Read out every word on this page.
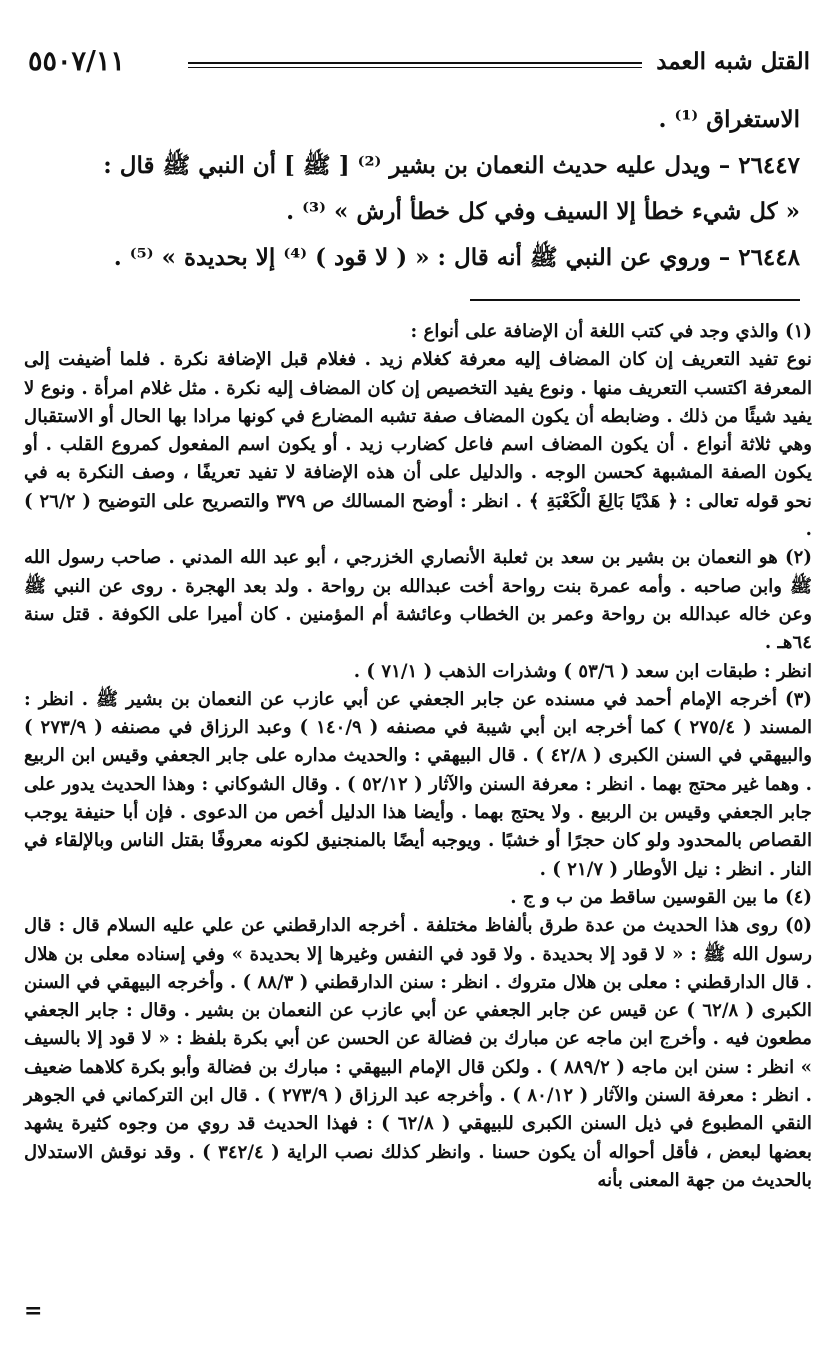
القتل شبه العمد
٥٥٠٧/١١

الاستغراق ⁽¹⁾ .

٢٦٤٤٧ – ويدل عليه حديث النعمان بن بشير ⁽²⁾ [ ﷺ ] أن النبي ﷺ قال :

« كل شيء خطأ إلا السيف وفي كل خطأ أرش » ⁽³⁾ .

٢٦٤٤٨ – وروي عن النبي ﷺ أنه قال : « ( لا قود ) ⁽⁴⁾ إلا بحديدة » ⁽⁵⁾ .

(١) والذي وجد في كتب اللغة أن الإضافة على أنواع :

نوع تفيد التعريف إن كان المضاف إليه معرفة كغلام زيد . فغلام قبل الإضافة نكرة . فلما أضيفت إلى المعرفة اكتسب التعريف منها . ونوع يفيد التخصيص إن كان المضاف إليه نكرة . مثل غلام امرأة . ونوع لا يفيد شيئًا من ذلك . وضابطه أن يكون المضاف صفة تشبه المضارع في كونها مرادا بها الحال أو الاستقبال وهي ثلاثة أنواع . أن يكون المضاف اسم فاعل كضارب زيد . أو يكون اسم المفعول كمروع القلب . أو يكون الصفة المشبهة كحسن الوجه . والدليل على أن هذه الإضافة لا تفيد تعريفًا ، وصف النكرة به في نحو قوله تعالى : ﴿ هَدْيًا بَالِغَ الْكَعْبَةِ ﴾ . انظر : أوضح المسالك ص ٣٧٩ والتصريح على التوضيح ( ٢٦/٢ ) .

(٢) هو النعمان بن بشير بن سعد بن ثعلبة الأنصاري الخزرجي ، أبو عبد الله المدني . صاحب رسول الله ﷺ وابن صاحبه . وأمه عمرة بنت رواحة أخت عبدالله بن رواحة . ولد بعد الهجرة . روى عن النبي ﷺ وعن خاله عبدالله بن رواحة وعمر بن الخطاب وعائشة أم المؤمنين . كان أميرا على الكوفة . قتل سنة ٦٤هـ .

انظر : طبقات ابن سعد ( ٥٣/٦ ) وشذرات الذهب ( ٧١/١ ) .

(٣) أخرجه الإمام أحمد في مسنده عن جابر الجعفي عن أبي عازب عن النعمان بن بشير ﷺ . انظر : المسند ( ٢٧٥/٤ ) كما أخرجه ابن أبي شيبة في مصنفه ( ١٤٠/٩ ) وعبد الرزاق في مصنفه ( ٢٧٣/٩ ) والبيهقي في السنن الكبرى ( ٤٢/٨ ) . قال البيهقي : والحديث مداره على جابر الجعفي وقيس ابن الربيع . وهما غير محتج بهما . انظر : معرفة السنن والآثار ( ٥٢/١٢ ) . وقال الشوكاني : وهذا الحديث يدور على جابر الجعفي وقيس بن الربيع . ولا يحتج بهما . وأيضا هذا الدليل أخص من الدعوى . فإن أبا حنيفة يوجب القصاص بالمحدود ولو كان حجرًا أو خشبًا . ويوجبه أيضًا بالمنجنيق لكونه معروفًا بقتل الناس وبالإلقاء في النار . انظر : نيل الأوطار ( ٢١/٧ ) .

(٤) ما بين القوسين ساقط من ب و ج .

(٥) روى هذا الحديث من عدة طرق بألفاظ مختلفة . أخرجه الدارقطني عن علي عليه السلام قال : قال رسول الله ﷺ : « لا قود إلا بحديدة . ولا قود في النفس وغيرها إلا بحديدة » وفي إسناده معلى بن هلال . قال الدارقطني : معلى بن هلال متروك . انظر : سنن الدارقطني ( ٨٨/٣ ) . وأخرجه البيهقي في السنن الكبرى ( ٦٢/٨ ) عن قيس عن جابر الجعفي عن أبي عازب عن النعمان بن بشير . وقال : جابر الجعفي مطعون فيه . وأخرج ابن ماجه عن مبارك بن فضالة عن الحسن عن أبي بكرة بلفظ : « لا قود إلا بالسيف » انظر : سنن ابن ماجه ( ٨٨٩/٢ ) . ولكن قال الإمام البيهقي : مبارك بن فضالة وأبو بكرة كلاهما ضعيف . انظر : معرفة السنن والآثار ( ٨٠/١٢ ) . وأخرجه عبد الرزاق ( ٢٧٣/٩ ) . قال ابن التركماني في الجوهر النقي المطبوع في ذيل السنن الكبرى للبيهقي ( ٦٢/٨ ) : فهذا الحديث قد روي من وجوه كثيرة يشهد بعضها لبعض ، فأقل أحواله أن يكون حسنا . وانظر كذلك نصب الراية ( ٣٤٢/٤ ) . وقد نوقش الاستدلال بالحديث من جهة المعنى بأنه

=
